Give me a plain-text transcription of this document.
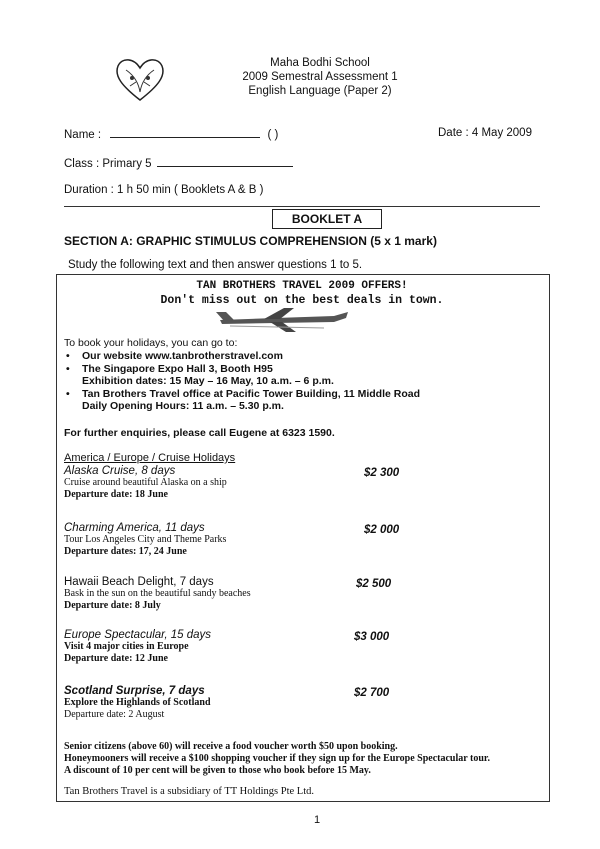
Maha Bodhi School
2009 Semestral Assessment 1
English Language (Paper 2)
Name :	( )	Date : 4 May 2009
Class : Primary 5
Duration : 1 h 50 min ( Booklets A & B )
BOOKLET A
SECTION A: GRAPHIC STIMULUS COMPREHENSION (5 x 1 mark)
Study the following text and then answer questions 1 to 5.
TAN BROTHERS TRAVEL 2009 OFFERS!
Don't miss out on the best deals in town.
To book your holidays, you can go to:
• Our website www.tanbrotherstravel.com
• The Singapore Expo Hall 3, Booth H95
Exhibition dates: 15 May – 16 May, 10 a.m. – 6 p.m.
• Tan Brothers Travel office at Pacific Tower Building, 11 Middle Road
Daily Opening Hours: 11 a.m. – 5.30 p.m.
For further enquiries, please call Eugene at 6323 1590.
America / Europe / Cruise Holidays
Alaska Cruise, 8 days
Cruise around beautiful Alaska on a ship
Departure date: 18 June
$2 300
Charming America, 11 days
Tour Los Angeles City and Theme Parks
Departure dates: 17, 24 June
$2 000
Hawaii Beach Delight, 7 days
Bask in the sun on the beautiful sandy beaches
Departure date: 8 July
$2 500
Europe Spectacular, 15 days
Visit 4 major cities in Europe
Departure date: 12 June
$3 000
Scotland Surprise, 7 days
Explore the Highlands of Scotland
Departure date: 2 August
$2 700
Senior citizens (above 60) will receive a food voucher worth $50 upon booking.
Honeymooners will receive a $100 shopping voucher if they sign up for the Europe Spectacular tour.
A discount of 10 per cent will be given to those who book before 15 May.
Tan Brothers Travel is a subsidiary of TT Holdings Pte Ltd.
1
